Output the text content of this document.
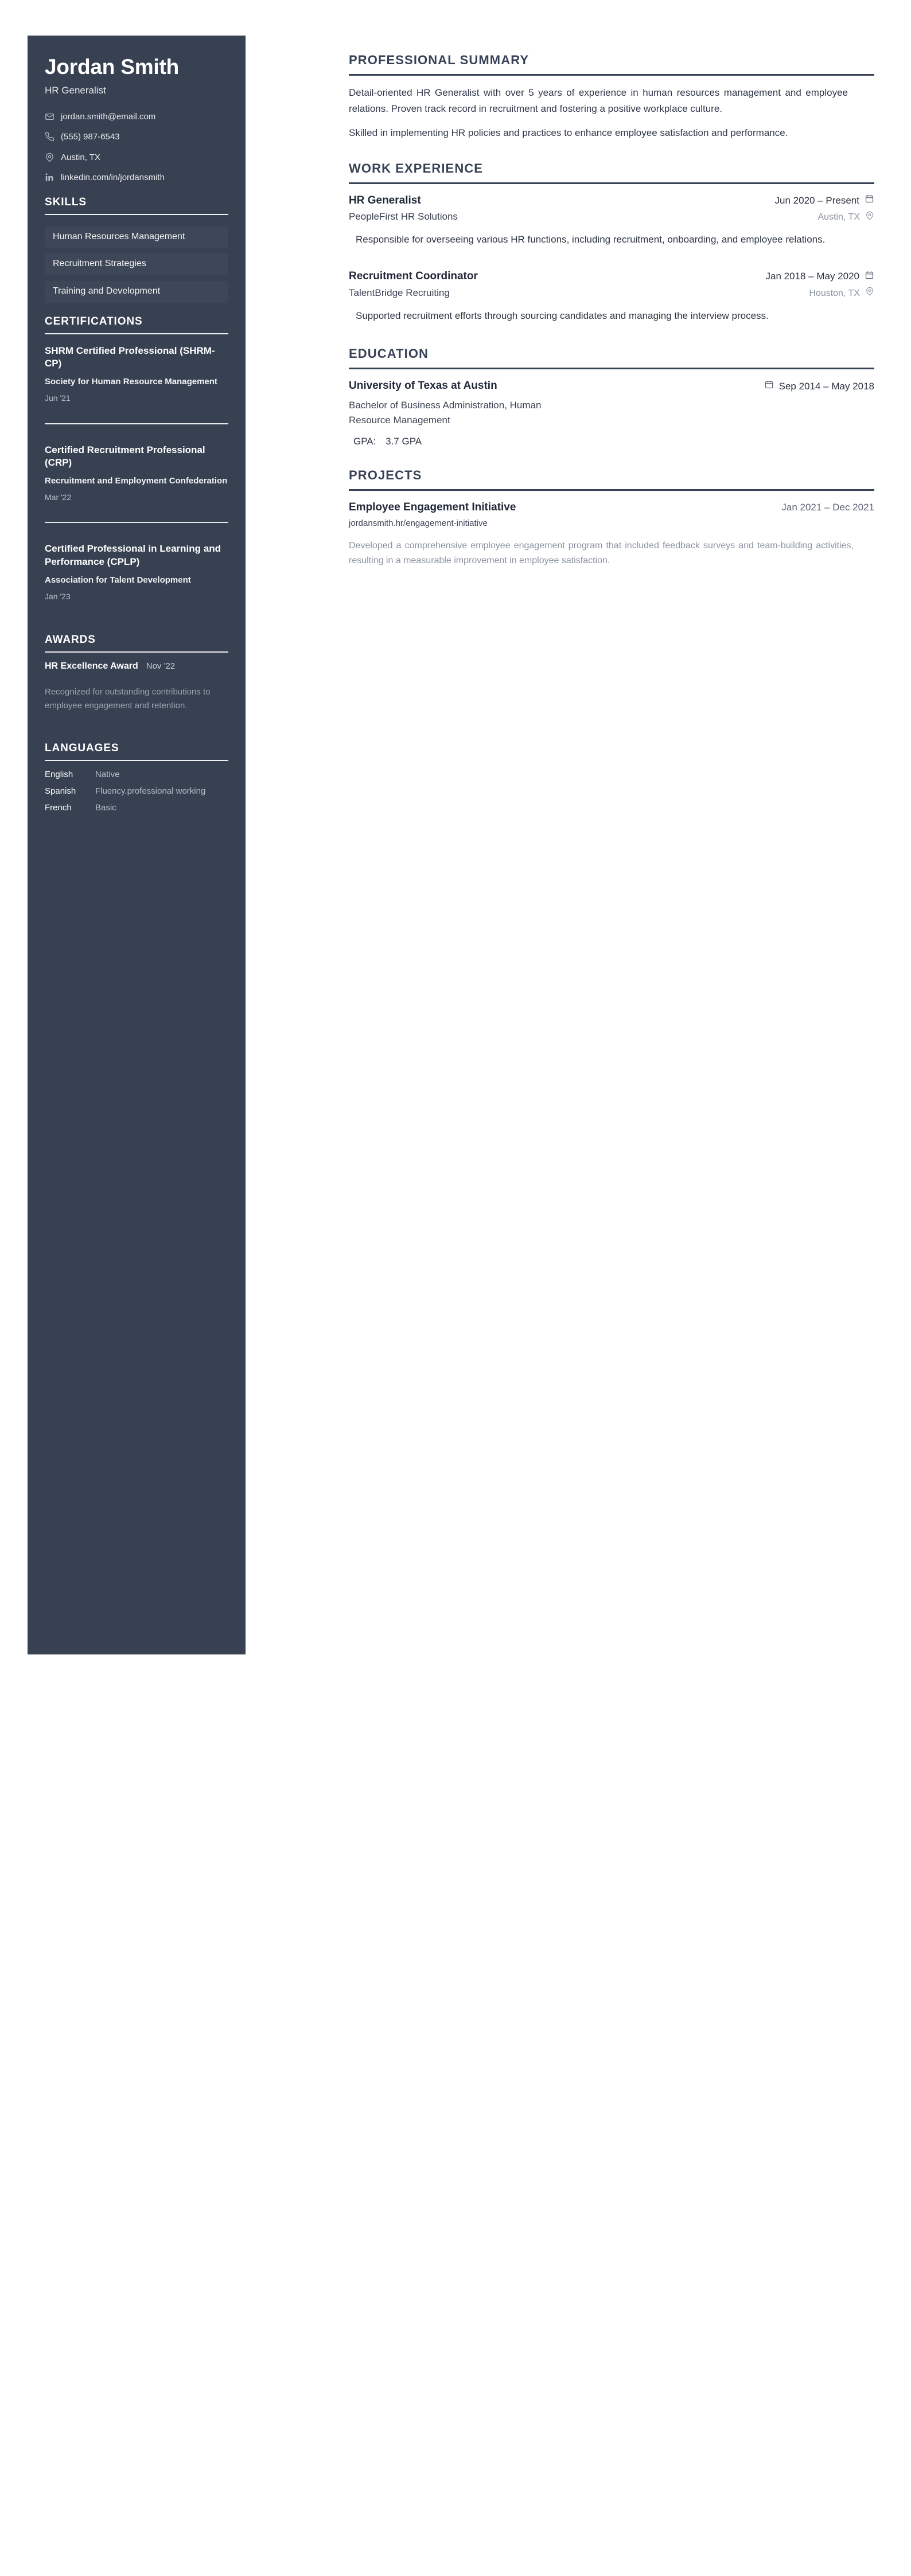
Jordan Smith
HR Generalist
jordan.smith@email.com
(555) 987-6543
Austin, TX
linkedin.com/in/jordansmith
SKILLS
Human Resources Management
Recruitment Strategies
Training and Development
CERTIFICATIONS
SHRM Certified Professional (SHRM-CP)
Society for Human Resource Management
Jun '21
Certified Recruitment Professional (CRP)
Recruitment and Employment Confederation
Mar '22
Certified Professional in Learning and Performance (CPLP)
Association for Talent Development
Jan '23
AWARDS
HR Excellence Award Nov '22
Recognized for outstanding contributions to employee engagement and retention.
LANGUAGES
English	Native
Spanish	Fluency.professional working
French	Basic
PROFESSIONAL SUMMARY

Detail-oriented HR Generalist with over 5 years of experience in human resources management and employee relations. Proven track record in recruitment and fostering a positive workplace culture.

Skilled in implementing HR policies and practices to enhance employee satisfaction and performance.

WORK EXPERIENCE
HR Generalist	Jun 2020 – Present
PeopleFirst HR Solutions	Austin, TX
Responsible for overseeing various HR functions, including recruitment, onboarding, and employee relations.
Recruitment Coordinator	Jan 2018 – May 2020
TalentBridge Recruiting	Houston, TX
Supported recruitment efforts through sourcing candidates and managing the interview process.
EDUCATION
University of Texas at Austin
Bachelor of Business Administration, Human Resource Management
Sep 2014 – May 2018
GPA: 3.7 GPA
PROJECTS
Employee Engagement Initiative	Jan 2021 – Dec 2021
jordansmith.hr/engagement-initiative
Developed a comprehensive employee engagement program that included feedback surveys and team-building activities, resulting in a measurable improvement in employee satisfaction.
